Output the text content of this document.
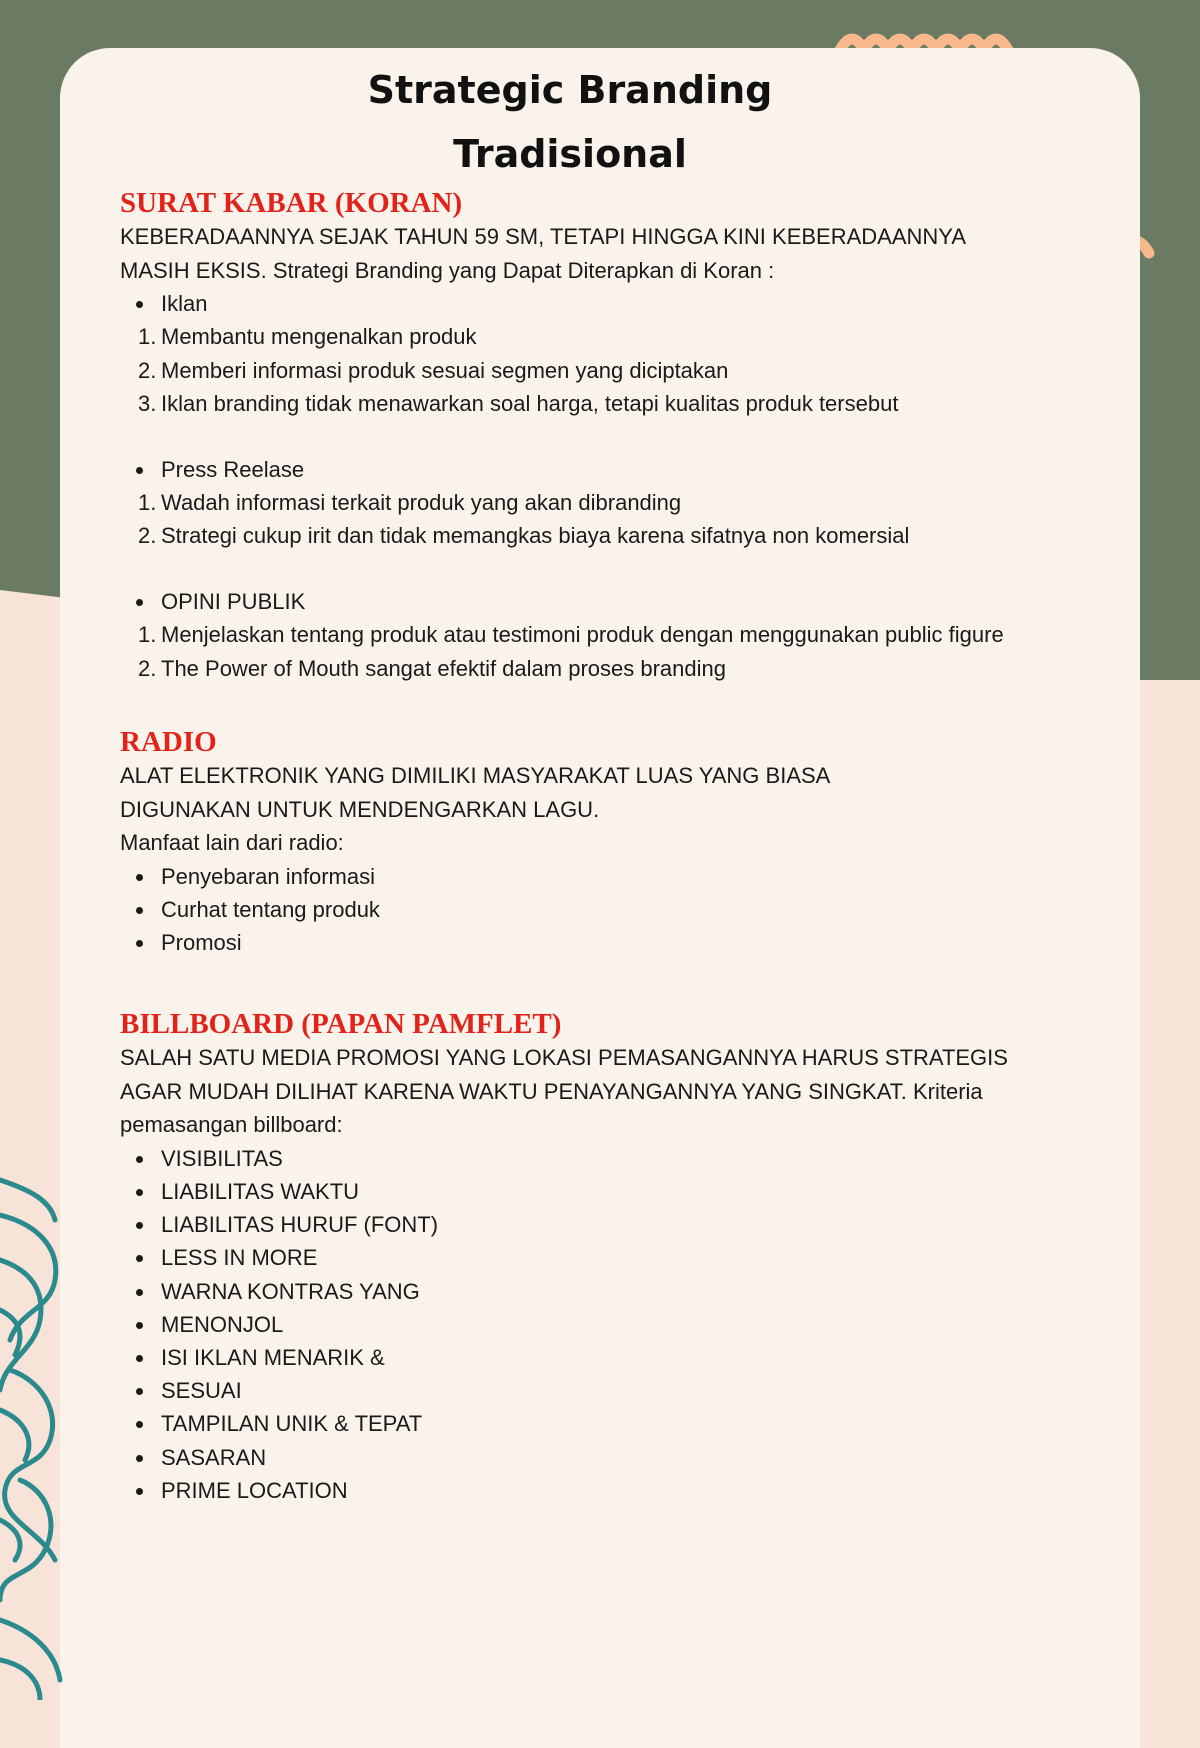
Strategic Branding
Tradisional
SURAT KABAR (KORAN)

KEBERADAANNYA SEJAK TAHUN 59 SM, TETAPI HINGGA KINI KEBERADAANNYA

MASIH EKSIS. Strategi Branding yang Dapat Diterapkan di Koran :

Iklan
1. Membantu mengenalkan produk
2. Memberi informasi produk sesuai segmen yang diciptakan
3. Iklan branding tidak menawarkan soal harga, tetapi kualitas produk tersebut
Press Reelase
1. Wadah informasi terkait produk yang akan dibranding
2. Strategi cukup irit dan tidak memangkas biaya karena sifatnya non komersial
OPINI PUBLIK
1. Menjelaskan tentang produk atau testimoni produk dengan menggunakan public figure
2. The Power of Mouth sangat efektif dalam proses branding
RADIO

ALAT ELEKTRONIK YANG DIMILIKI MASYARAKAT LUAS YANG BIASA

DIGUNAKAN UNTUK MENDENGARKAN LAGU.

Manfaat lain dari radio:

Penyebaran informasi
Curhat tentang produk
Promosi
BILLBOARD (PAPAN PAMFLET)

SALAH SATU MEDIA PROMOSI YANG LOKASI PEMASANGANNYA HARUS STRATEGIS

AGAR MUDAH DILIHAT KARENA WAKTU PENAYANGANNYA YANG SINGKAT. Kriteria

pemasangan billboard:

VISIBILITAS
LIABILITAS WAKTU
LIABILITAS HURUF (FONT)
LESS IN MORE
WARNA KONTRAS YANG
MENONJOL
ISI IKLAN MENARIK &
SESUAI
TAMPILAN UNIK & TEPAT
SASARAN
PRIME LOCATION
